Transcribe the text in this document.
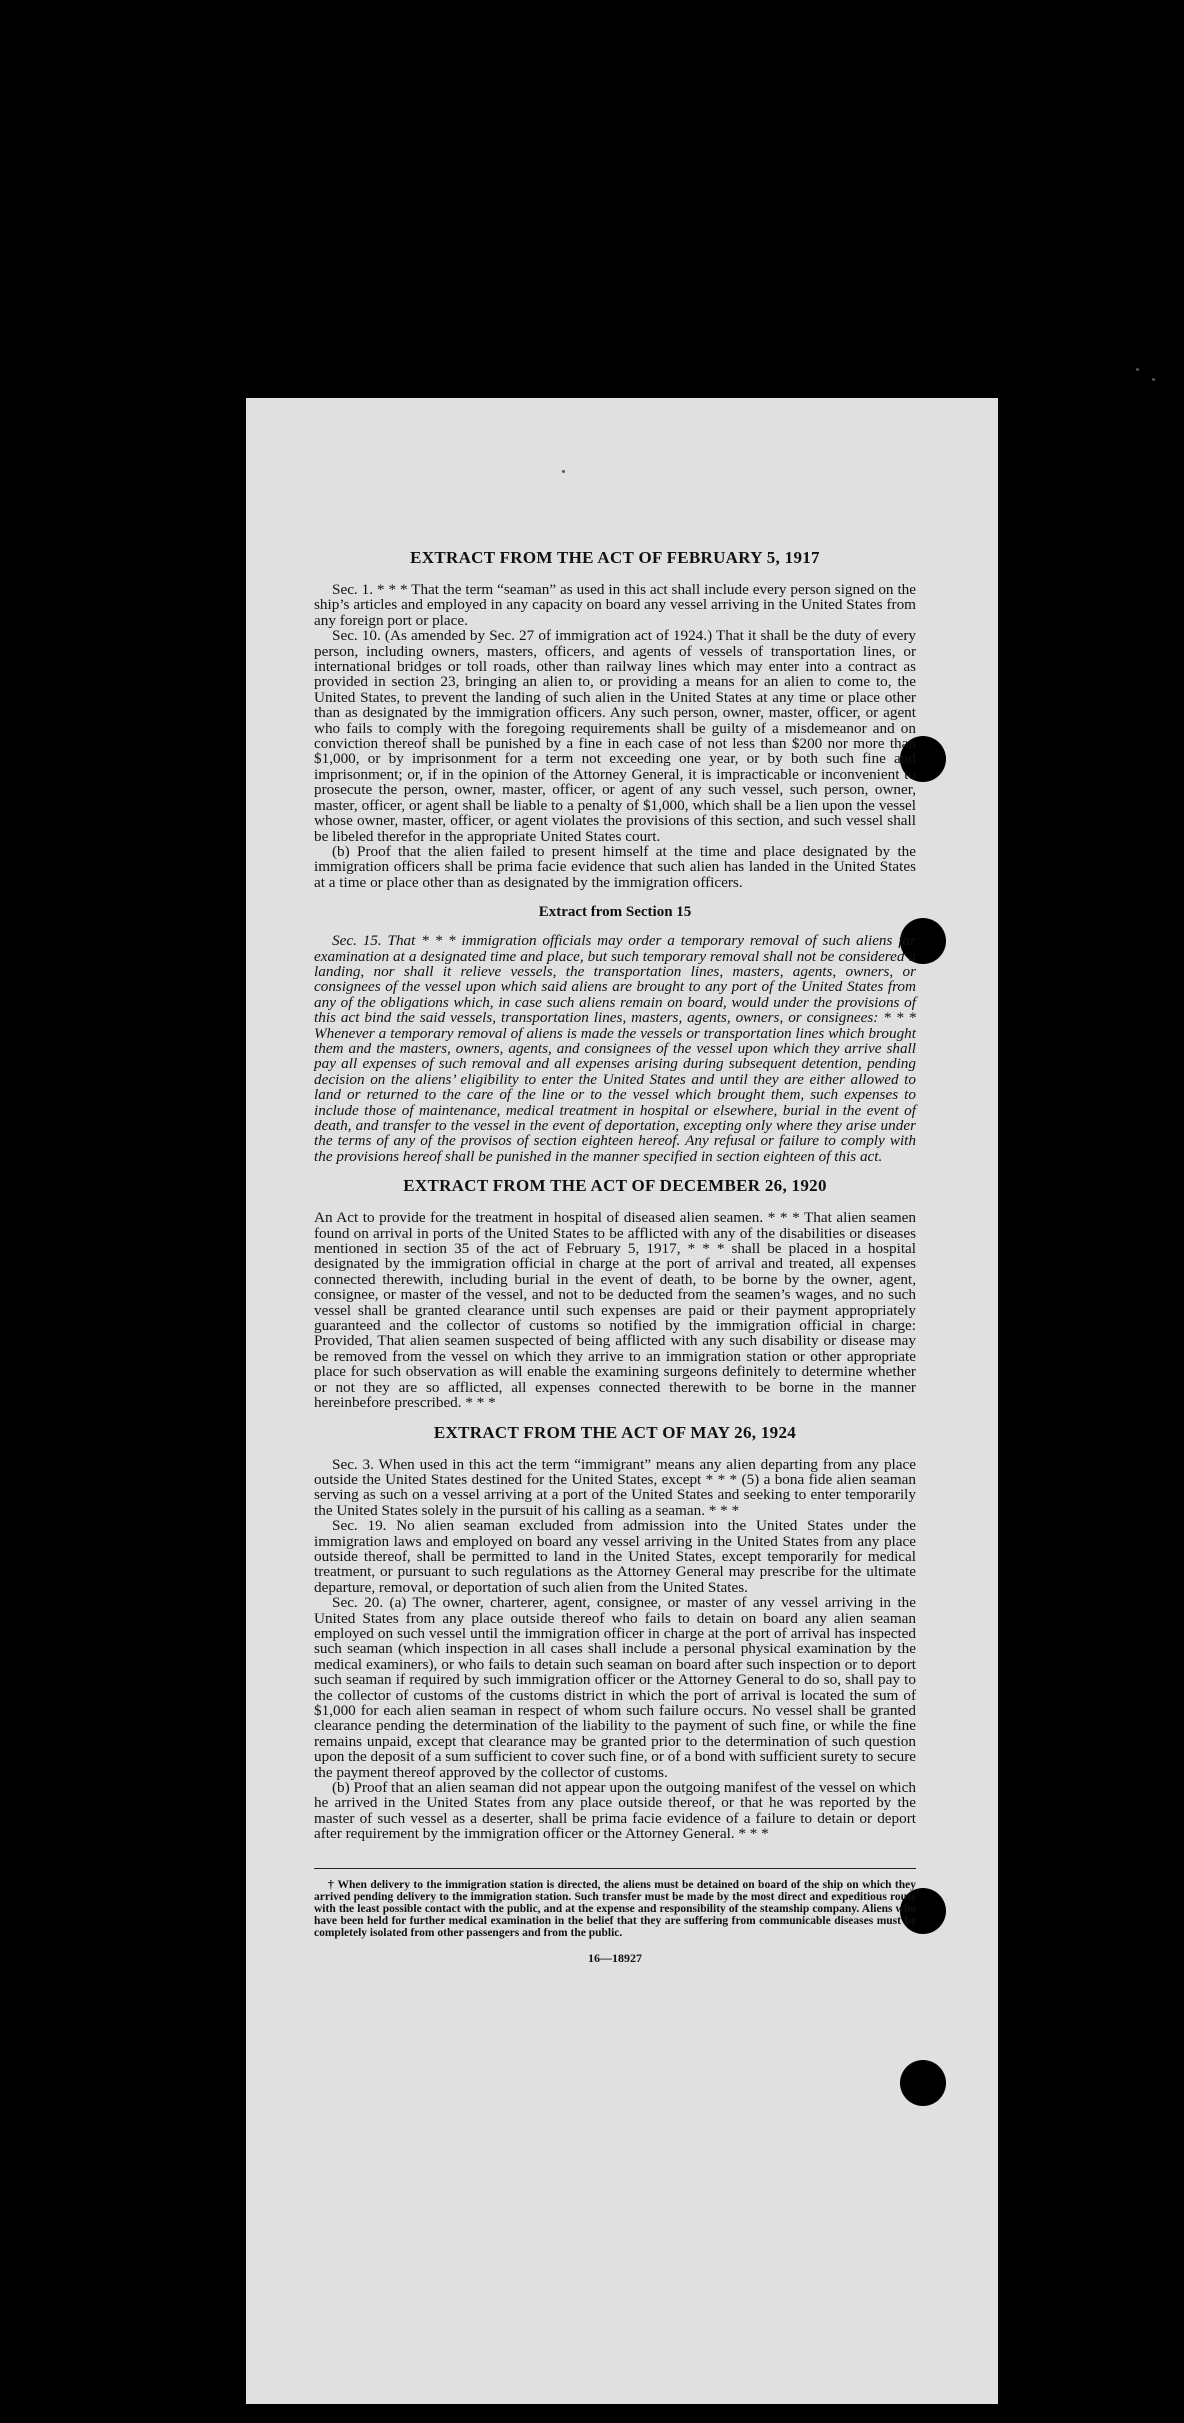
EXTRACT FROM THE ACT OF FEBRUARY 5, 1917

Sec. 1. * * * That the term “seaman” as used in this act shall include every person signed on the ship’s articles and employed in any capacity on board any vessel arriving in the United States from any foreign port or place.

Sec. 10. (As amended by Sec. 27 of immigration act of 1924.) That it shall be the duty of every person, including owners, masters, officers, and agents of vessels of transportation lines, or international bridges or toll roads, other than railway lines which may enter into a contract as provided in section 23, bringing an alien to, or providing a means for an alien to come to, the United States, to prevent the landing of such alien in the United States at any time or place other than as designated by the immigration officers. Any such person, owner, master, officer, or agent who fails to comply with the foregoing requirements shall be guilty of a misdemeanor and on conviction thereof shall be punished by a fine in each case of not less than $200 nor more than $1,000, or by imprisonment for a term not exceeding one year, or by both such fine and imprisonment; or, if in the opinion of the Attorney General, it is impracticable or inconvenient to prosecute the person, owner, master, officer, or agent of any such vessel, such person, owner, master, officer, or agent shall be liable to a penalty of $1,000, which shall be a lien upon the vessel whose owner, master, officer, or agent violates the provisions of this section, and such vessel shall be libeled therefor in the appropriate United States court.

(b) Proof that the alien failed to present himself at the time and place designated by the immigration officers shall be prima facie evidence that such alien has landed in the United States at a time or place other than as designated by the immigration officers.

Extract from Section 15

Sec. 15. That * * * immigration officials may order a temporary removal of such aliens for examination at a designated time and place, but such temporary removal shall not be considered a landing, nor shall it relieve vessels, the transportation lines, masters, agents, owners, or consignees of the vessel upon which said aliens are brought to any port of the United States from any of the obligations which, in case such aliens remain on board, would under the provisions of this act bind the said vessels, transportation lines, masters, agents, owners, or consignees: * * * Whenever a temporary removal of aliens is made the vessels or transportation lines which brought them and the masters, owners, agents, and consignees of the vessel upon which they arrive shall pay all expenses of such removal and all expenses arising during subsequent detention, pending decision on the aliens’ eligibility to enter the United States and until they are either allowed to land or returned to the care of the line or to the vessel which brought them, such expenses to include those of maintenance, medical treatment in hospital or elsewhere, burial in the event of death, and transfer to the vessel in the event of deportation, excepting only where they arise under the terms of any of the provisos of section eighteen hereof. Any refusal or failure to comply with the provisions hereof shall be punished in the manner specified in section eighteen of this act.

EXTRACT FROM THE ACT OF DECEMBER 26, 1920

An Act to provide for the treatment in hospital of diseased alien seamen. * * * That alien seamen found on arrival in ports of the United States to be afflicted with any of the disabilities or diseases mentioned in section 35 of the act of February 5, 1917, * * * shall be placed in a hospital designated by the immigration official in charge at the port of arrival and treated, all expenses connected therewith, including burial in the event of death, to be borne by the owner, agent, consignee, or master of the vessel, and not to be deducted from the seamen’s wages, and no such vessel shall be granted clearance until such expenses are paid or their payment appropriately guaranteed and the collector of customs so notified by the immigration official in charge: Provided, That alien seamen suspected of being afflicted with any such disability or disease may be removed from the vessel on which they arrive to an immigration station or other appropriate place for such observation as will enable the examining surgeons definitely to determine whether or not they are so afflicted, all expenses connected therewith to be borne in the manner hereinbefore prescribed. * * *

EXTRACT FROM THE ACT OF MAY 26, 1924

Sec. 3. When used in this act the term “immigrant” means any alien departing from any place outside the United States destined for the United States, except * * * (5) a bona fide alien seaman serving as such on a vessel arriving at a port of the United States and seeking to enter temporarily the United States solely in the pursuit of his calling as a seaman. * * *

Sec. 19. No alien seaman excluded from admission into the United States under the immigration laws and employed on board any vessel arriving in the United States from any place outside thereof, shall be permitted to land in the United States, except temporarily for medical treatment, or pursuant to such regulations as the Attorney General may prescribe for the ultimate departure, removal, or deportation of such alien from the United States.

Sec. 20. (a) The owner, charterer, agent, consignee, or master of any vessel arriving in the United States from any place outside thereof who fails to detain on board any alien seaman employed on such vessel until the immigration officer in charge at the port of arrival has inspected such seaman (which inspection in all cases shall include a personal physical examination by the medical examiners), or who fails to detain such seaman on board after such inspection or to deport such seaman if required by such immigration officer or the Attorney General to do so, shall pay to the collector of customs of the customs district in which the port of arrival is located the sum of $1,000 for each alien seaman in respect of whom such failure occurs. No vessel shall be granted clearance pending the determination of the liability to the payment of such fine, or while the fine remains unpaid, except that clearance may be granted prior to the determination of such question upon the deposit of a sum sufficient to cover such fine, or of a bond with sufficient surety to secure the payment thereof approved by the collector of customs.

(b) Proof that an alien seaman did not appear upon the outgoing manifest of the vessel on which he arrived in the United States from any place outside thereof, or that he was reported by the master of such vessel as a deserter, shall be prima facie evidence of a failure to detain or deport after requirement by the immigration officer or the Attorney General. * * *

† When delivery to the immigration station is directed, the aliens must be detained on board of the ship on which they arrived pending delivery to the immigration station. Such transfer must be made by the most direct and expeditious route with the least possible contact with the public, and at the expense and responsibility of the steamship company. Aliens who have been held for further medical examination in the belief that they are suffering from communicable diseases must be completely isolated from other passengers and from the public.

16—18927
